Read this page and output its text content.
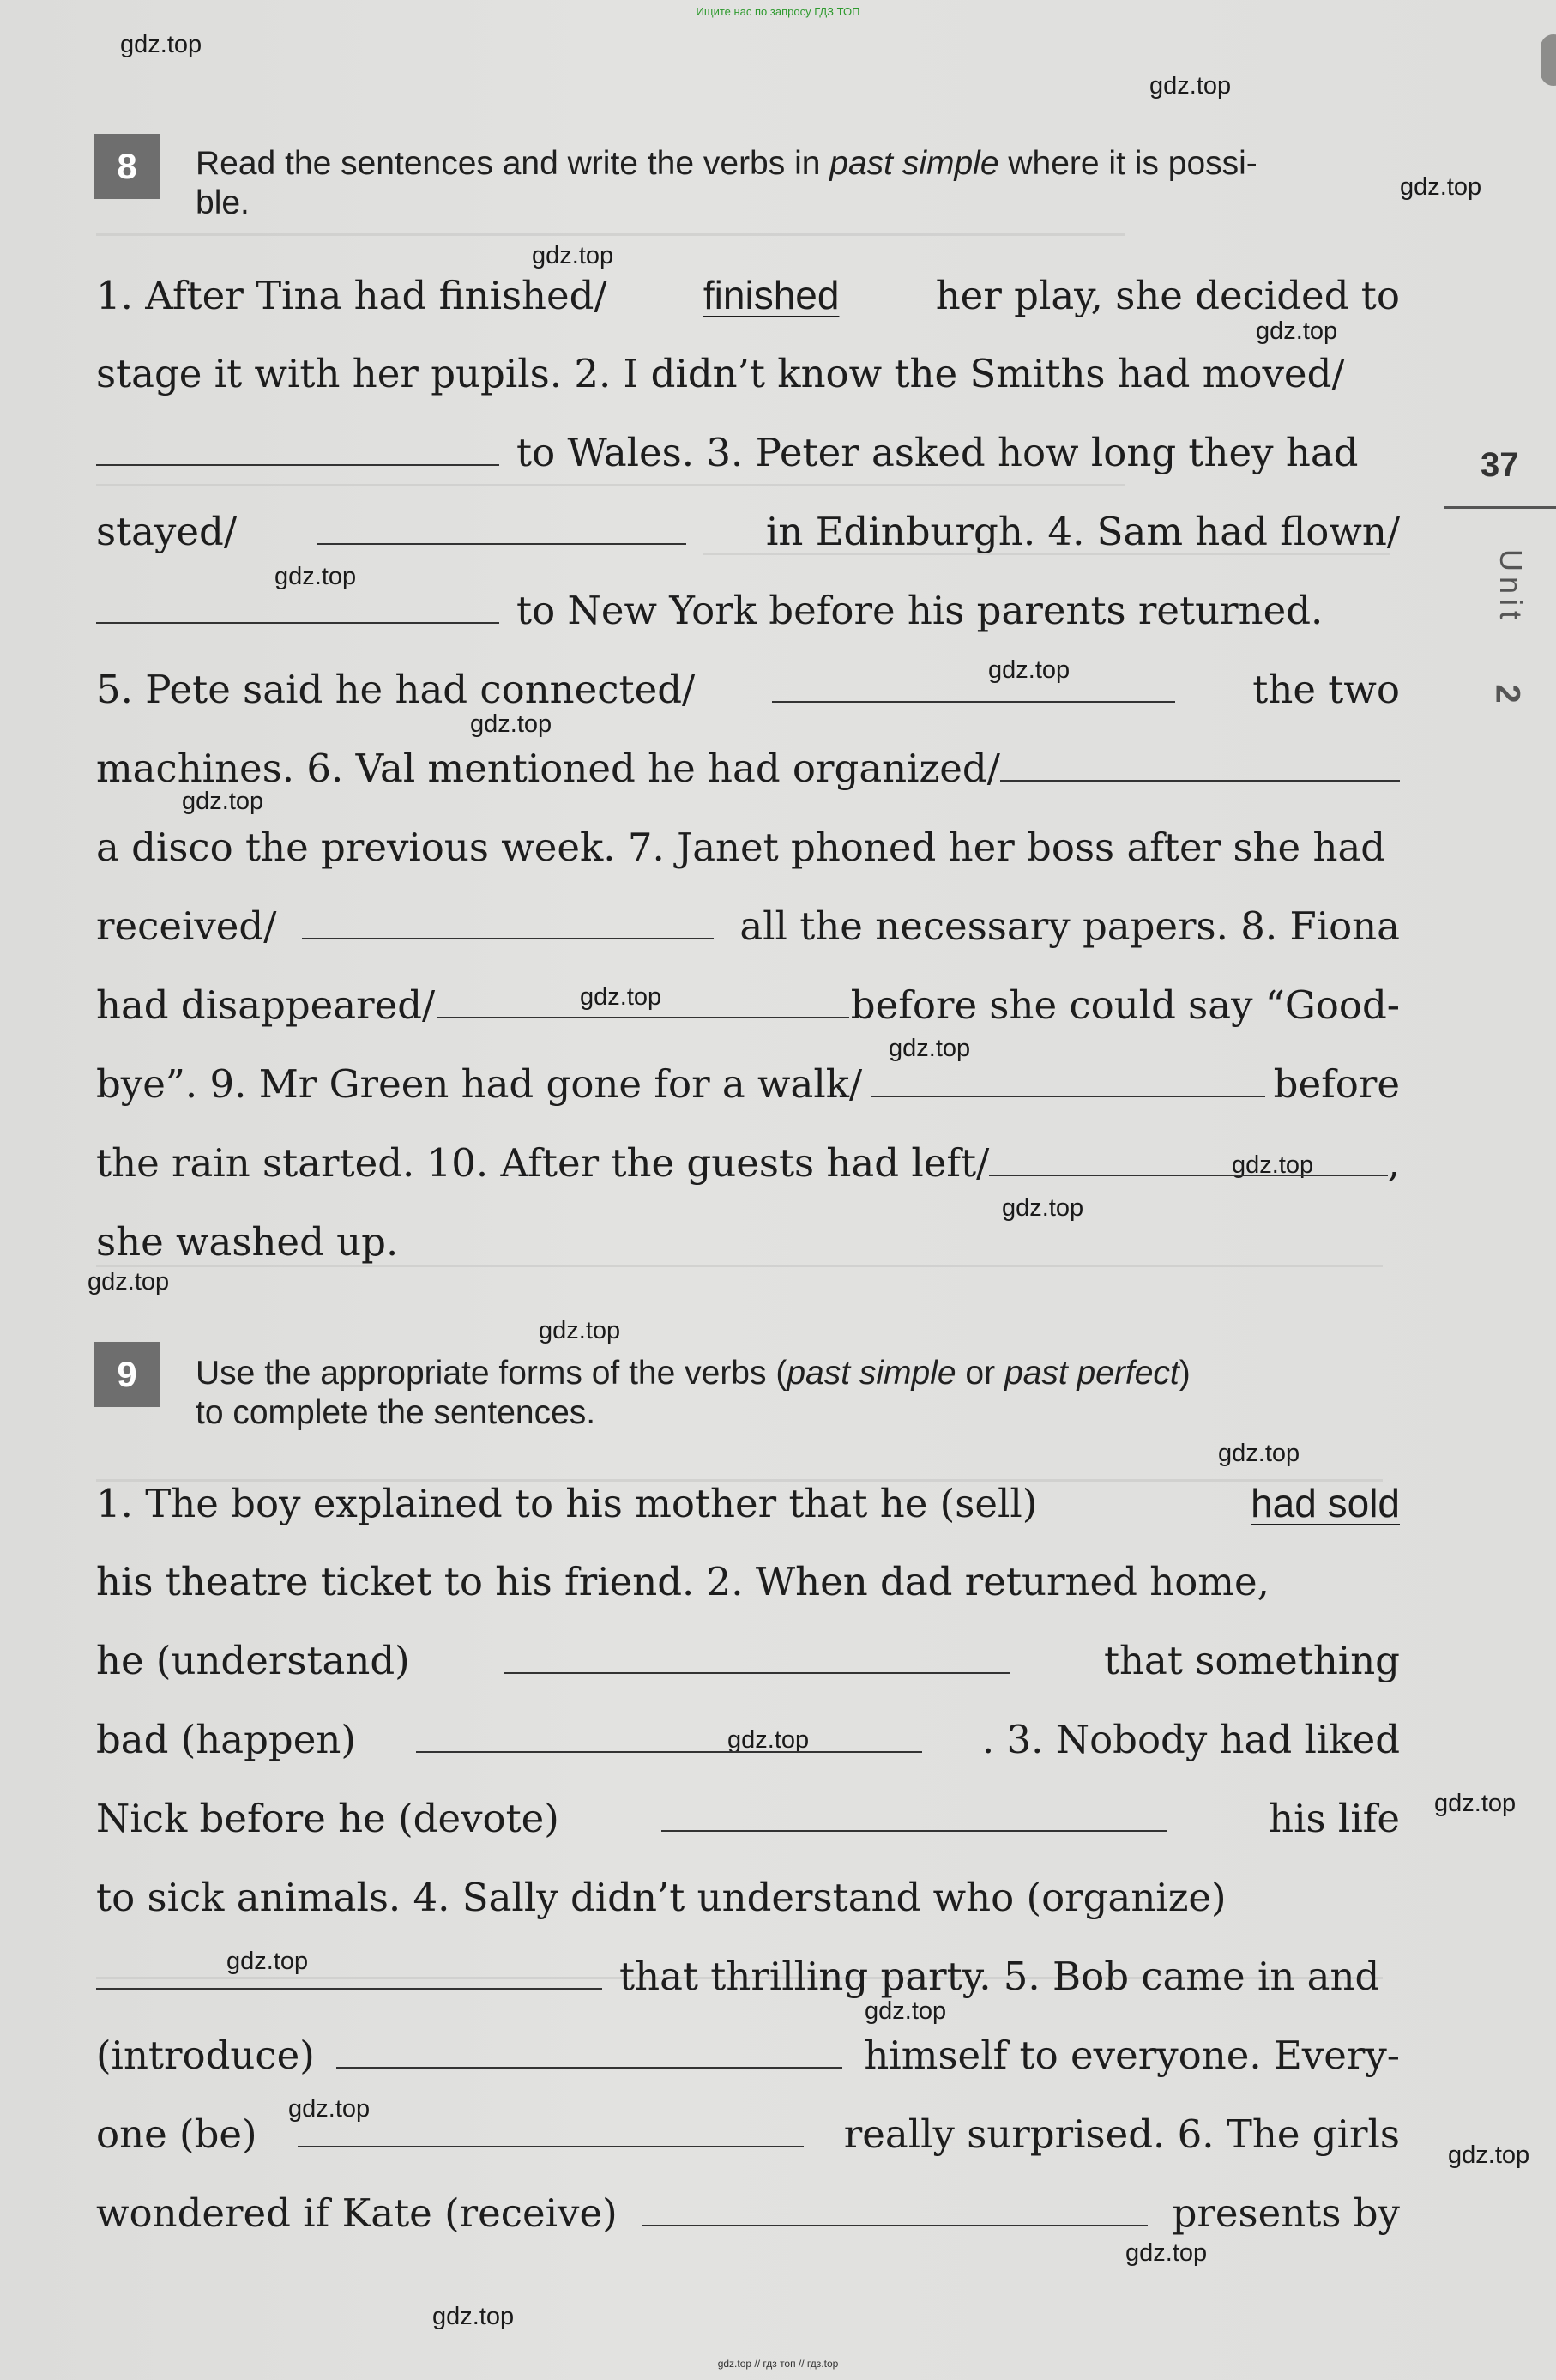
Ищите нас по запросу ГДЗ ТОП
37
Unit
2
gdz.top
gdz.top
gdz.top
gdz.top
gdz.top
gdz.top
gdz.top
gdz.top
gdz.top
gdz.top
gdz.top
gdz.top
gdz.top
gdz.top
gdz.top
gdz.top
gdz.top
gdz.top
gdz.top
gdz.top
gdz.top
gdz.top
gdz.top
gdz.top
8	Read the sentences and write the verbs in past simple where it is possi-
ble.
1. After Tina had finished/ finished her play, she decided to
stage it with her pupils. 2. I didn’t know the Smiths had moved/
to Wales. 3. Peter asked how long they had
stayed/	in Edinburgh. 4. Sam had flown/
to New York before his parents returned.
5. Pete said he had connected/	the two
machines. 6. Val mentioned he had organized/
a disco the previous week. 7. Janet phoned her boss after she had
received/	all the necessary papers. 8. Fiona
had disappeared/	before she could say “Good-
bye”. 9. Mr Green had gone for a walk/	before
the rain started. 10. After the guests had left/	,
she washed up.
9	Use the appropriate forms of the verbs (past simple or past perfect)
to complete the sentences.
1. The boy explained to his mother that he (sell)	had sold
his theatre ticket to his friend. 2. When dad returned home,
he (understand)	that something
bad (happen)	. 3. Nobody had liked
Nick before he (devote)	his life
to sick animals. 4. Sally didn’t understand who (organize)
that thrilling party. 5. Bob came in and
(introduce)	himself to everyone. Every-
one (be)	really surprised. 6. The girls
wondered if Kate (receive)	presents by
gdz.top // гдз топ // гдз.top
